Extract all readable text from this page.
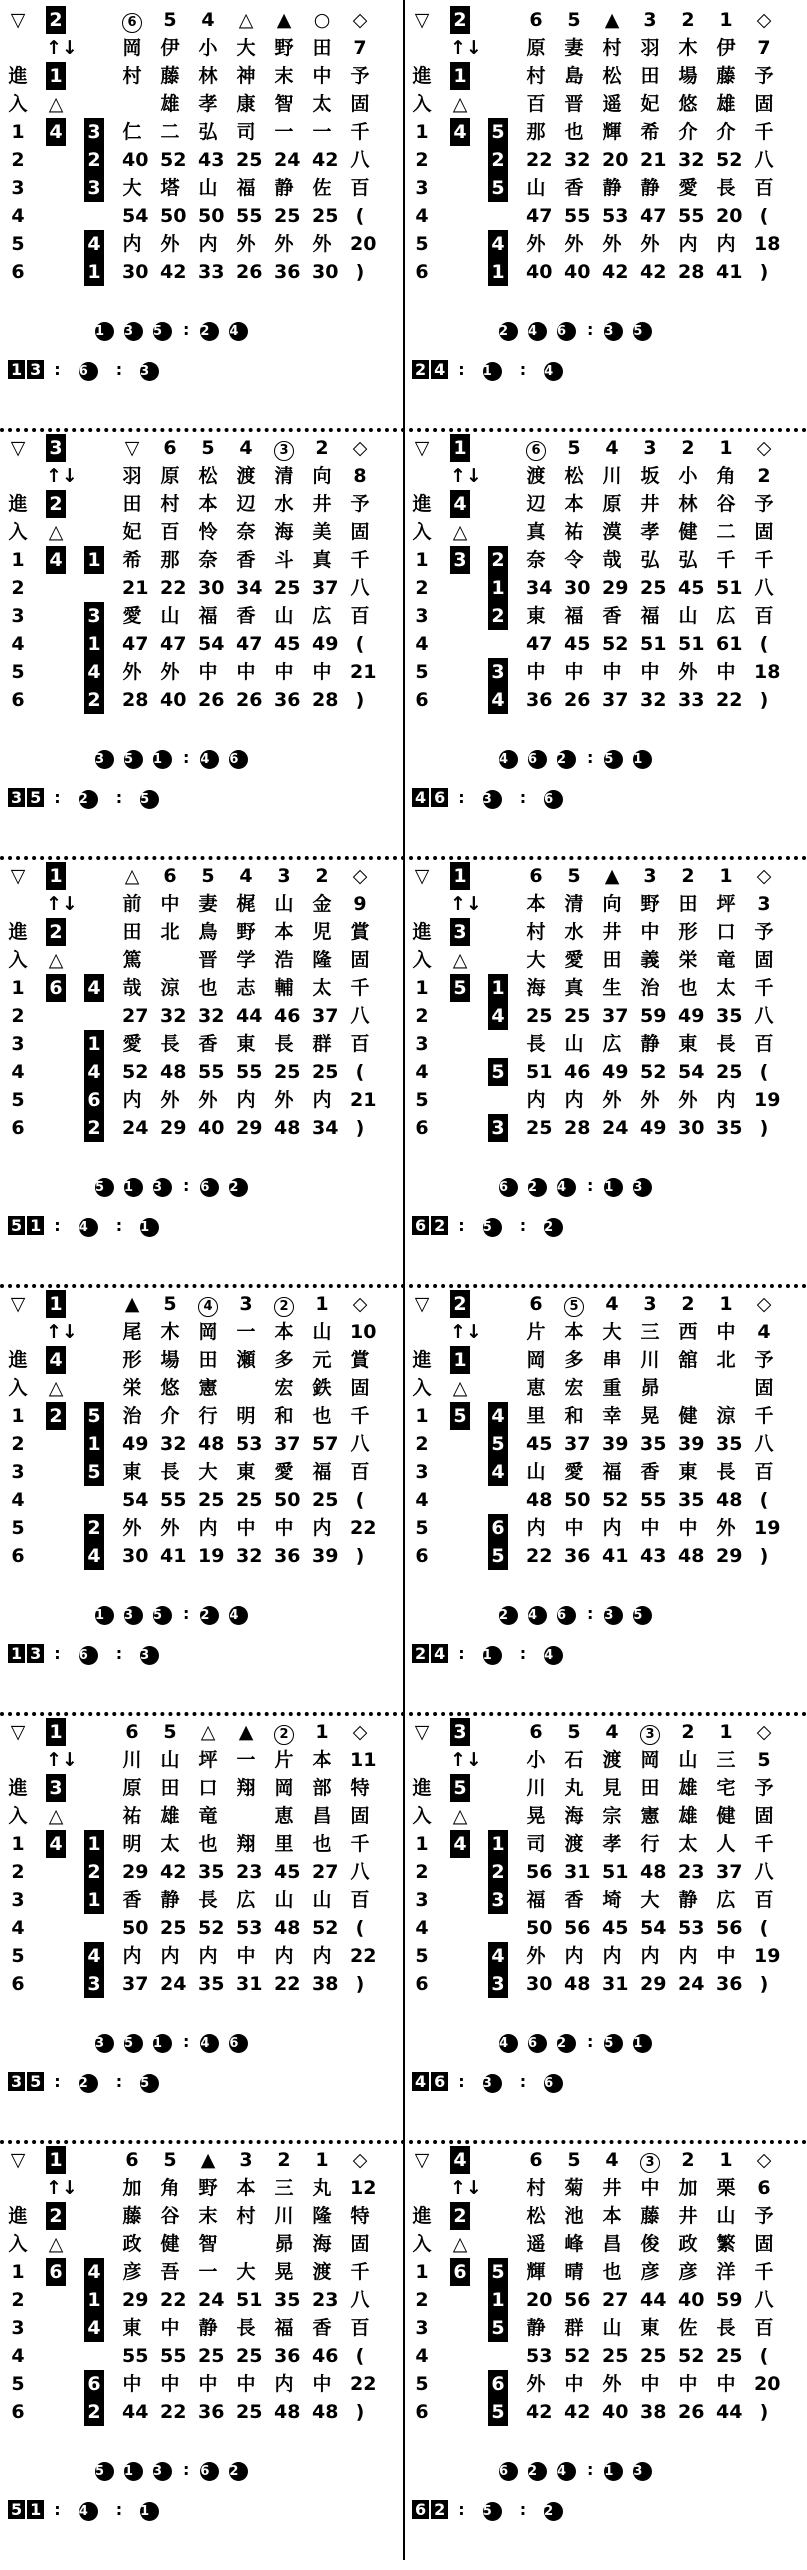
▽
進
入
1
2
3
4
5
6
2
↑↓
1
△
4 3
2
3
4
1
6
岡
村
仁
40
大
54
内
30
5
伊
藤
雄
二
52
塔
50
外
42
4
小
林
孝
弘
43
山
50
内
33
△
大
神
康
司
25
福
55
外
26
▲
野
末
智
一
24
静
25
外
36
○
田
中
太
一
42
佐
25
外
30
◇
7
予
固
千
八
百
(
20
)
1 3 5 : 2 4
1 3 : 6 : 3
▽
進
入
1
2
3
4
5
6
2
↑↓
1
△
4 5
2
5
4
1
6
原
村
百
那
22
山
47
外
40
5
妻
島
晋
也
32
香
55
外
40
▲
村
松
遥
輝
20
静
53
外
42
3
羽
田
妃
希
21
静
47
外
42
2
木
場
悠
介
32
愛
55
内
28
1
伊
藤
雄
介
52
長
20
内
41
◇
7
予
固
千
八
百
(
18
)
2 4 6 : 3 5
2 4 : 1 : 4
▽
進
入
1
2
3
4
5
6
3
↑↓
2
△
4 1
3
1
4
2
▽
羽
田
妃
希
21
愛
47
外
28
6
原
村
百
那
22
山
47
外
40
5
松
本
怜
奈
30
福
54
中
26
4
渡
辺
奈
香
34
香
47
中
26
3
清
水
海
斗
25
山
45
中
36
2
向
井
美
真
37
広
49
中
28
◇
8
予
固
千
八
百
(
21
)
3 5 1 : 4 6
3 5 : 2 : 5
▽
進
入
1
2
3
4
5
6
1
↑↓
4
△
3 2
1
2
3
4
6
渡
辺
真
奈
34
東
47
中
36
5
松
本
祐
令
30
福
45
中
26
4
川
原
漠
哉
29
香
52
中
37
3
坂
井
孝
弘
25
福
51
中
32
2
小
林
健
弘
45
山
51
外
33
1
角
谷
二
千
51
広
61
中
22
◇
2
予
固
千
八
百
(
18
)
4 6 2 : 5 1
4 6 : 3 : 6
▽
進
入
1
2
3
4
5
6
1
↑↓
2
△
6 4
1
4
6
2
△
前
田
篤
哉
27
愛
52
内
24
6
中
北
涼
32
長
48
外
29
5
妻
鳥
晋
也
32
香
55
外
40
4
梶
野
学
志
44
東
55
内
29
3
山
本
浩
輔
46
長
25
外
48
2
金
児
隆
太
37
群
25
内
34
◇
9
賞
固
千
八
百
(
21
)
5 1 3 : 6 2
5 1 : 4 : 1
▽
進
入
1
2
3
4
5
6
1
↑↓
3
△
5 1
4
5
3
6
本
村
大
海
25
長
51
内
25
5
清
水
愛
真
25
山
46
内
28
▲
向
井
田
生
37
広
49
外
24
3
野
中
義
治
59
静
52
外
49
2
田
形
栄
也
49
東
54
外
30
1
坪
口
竜
太
35
長
25
内
35
◇
3
予
固
千
八
百
(
19
)
6 2 4 : 1 3
6 2 : 5 : 2
▽
進
入
1
2
3
4
5
6
1
↑↓
4
△
2 5
1
5
2
4
▲
尾
形
栄
治
49
東
54
外
30
5
木
場
悠
介
32
長
55
外
41
4
岡
田
憲
行
48
大
25
内
19
3
一
瀬
明
53
東
25
中
32
2
本
多
宏
和
37
愛
50
中
36
1
山
元
鉄
也
57
福
25
内
39
◇
10
賞
固
千
八
百
(
22
)
1 3 5 : 2 4
1 3 : 6 : 3
▽
進
入
1
2
3
4
5
6
2
↑↓
1
△
5 4
5
4
6
5
6
片
岡
恵
里
45
山
48
内
22
5
本
多
宏
和
37
愛
50
中
36
4
大
串
重
幸
39
福
52
内
41
3
三
川
昴
晃
35
香
55
中
43
2
西
舘
健
39
東
35
中
48
1
中
北
涼
35
長
48
外
29
◇
4
予
固
千
八
百
(
19
)
2 4 6 : 3 5
2 4 : 1 : 4
▽
進
入
1
2
3
4
5
6
1
↑↓
3
△
4 1
2
1
4
3
6
川
原
祐
明
29
香
50
内
37
5
山
田
雄
太
42
静
25
内
24
△
坪
口
竜
也
35
長
52
内
35
▲
一
翔
翔
23
広
53
中
31
2
片
岡
恵
里
45
山
48
内
22
1
本
部
昌
也
27
山
52
内
38
◇
11
特
固
千
八
百
(
22
)
3 5 1 : 4 6
3 5 : 2 : 5
▽
進
入
1
2
3
4
5
6
3
↑↓
5
△
4 1
2
3
4
3
6
小
川
晃
司
56
福
50
外
30
5
石
丸
海
渡
31
香
56
内
48
4
渡
見
宗
孝
51
埼
45
内
31
3
岡
田
憲
行
48
大
54
内
29
2
山
雄
雄
太
23
静
53
内
24
1
三
宅
健
人
37
広
56
中
36
◇
5
予
固
千
八
百
(
19
)
4 6 2 : 5 1
4 6 : 3 : 6
▽
進
入
1
2
3
4
5
6
1
↑↓
2
△
6 4
1
4
6
2
6
加
藤
政
彦
29
東
55
中
44
5
角
谷
健
吾
22
中
55
中
22
▲
野
末
智
一
24
静
25
中
36
3
本
村
大
51
長
25
中
25
2
三
川
昴
晃
35
福
36
内
48
1
丸
隆
海
渡
23
香
46
中
48
◇
12
特
固
千
八
百
(
22
)
5 1 3 : 6 2
5 1 : 4 : 1
▽
進
入
1
2
3
4
5
6
4
↑↓
2
△
6 5
1
5
6
5
6
村
松
遥
輝
20
静
53
外
42
5
菊
池
峰
晴
56
群
52
中
42
4
井
本
昌
也
27
山
25
外
40
3
中
藤
俊
彦
44
東
25
中
38
2
加
井
政
彦
40
佐
52
中
26
1
栗
山
繁
洋
59
長
25
中
44
◇
6
予
固
千
八
百
(
20
)
6 2 4 : 1 3
6 2 : 5 : 2
